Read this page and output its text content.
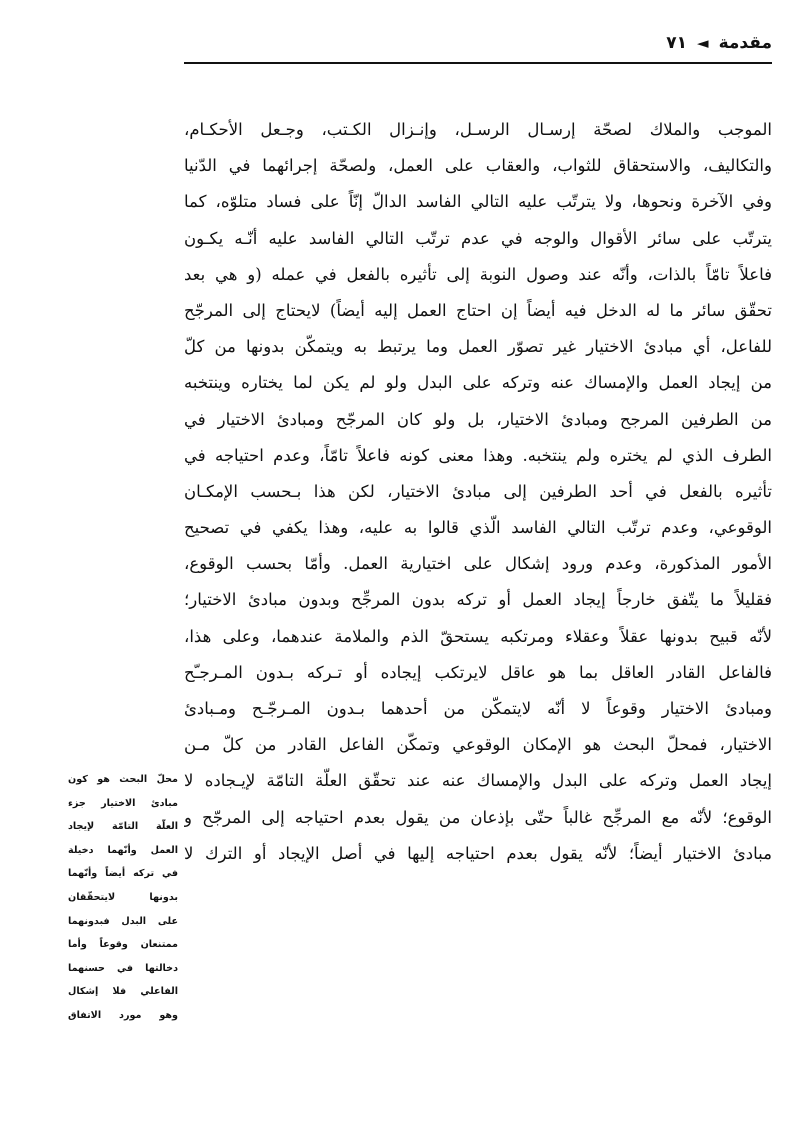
مقدمة
◄
٧١
الموجب والملاك لصحّة إرسـال الرسـل، وإنـزال الكـتب، وجـعل الأحكـام،
والتكاليف، والاستحقاق للثواب، والعقاب على العمل، ولصحّة إجرائهما في الدّنيا
وفي الآخرة ونحوها، ولا يترتّب عليه التالي الفاسد الدالّ إنّاً على فساد متلوّه، كما
يترتّب على سائر الأقوال والوجه في عدم ترتّب التالي الفاسد عليه أنّـه يكـون
فاعلاً تامّاً بالذات، وأنّه عند وصول النوبة إلى تأثيره بالفعل في عمله (و هي بعد
تحقّق سائر ما له الدخل فيه أيضاً إن احتاج العمل إليه أيضاً) لايحتاج إلى المرجّح
للفاعل، أي مبادئ الاختيار غير تصوّر العمل وما يرتبط به ويتمكّن بدونها من كلّ
من إيجاد العمل والإمساك عنه وتركه على البدل ولو لم يكن لما يختاره وينتخبه
من الطرفين المرجح ومبادئ الاختيار، بل ولو كان المرجّح ومبادئ الاختيار في
الطرف الذي لم يختره ولم ينتخبه. وهذا معنى كونه فاعلاً تامّاً، وعدم احتياجه في
تأثيره بالفعل في أحد الطرفين إلى مبادئ الاختيار، لكن هذا بـحسب الإمكـان
الوقوعي، وعدم ترتّب التالي الفاسد الّذي قالوا به عليه، وهذا يكفي في تصحيح
الأمور المذكورة، وعدم ورود إشكال على اختيارية العمل. وأمّا بحسب الوقوع،
فقليلاً ما يتّفق خارجاً إيجاد العمل أو تركه بدون المرجِّح وبدون مبادئ الاختيار؛
لأنّه قبيح بدونها عقلاً وعقلاء ومرتكبه يستحقّ الذم والملامة عندهما، وعلى هذا،
فالفاعل القادر العاقل بما هو عاقل لايرتكب إيجاده أو تـركه بـدون المـرجـّح
ومبادئ الاختيار وقوعاً لا أنّه لايتمكّن من أحدهما بـدون المـرجّـح ومـبادئ
الاختيار، فمحلّ البحث هو الإمكان الوقوعي وتمكّن الفاعل القادر من كلّ مـن
إيجاد العمل وتركه على البدل والإمساك عنه عند تحقّق العلّة التامّة لإيـجاده لا
الوقوع؛ لأنّه مع المرجِّح غالباً حتّى بإذعان من يقول بعدم احتياجه إلى المرجّح و
مبادئ الاختيار أيضاً؛ لأنّه يقول بعدم احتياجه إليها في أصل الإيجاد أو الترك لا
محلّ البحث هو كون
مبادئ الاختيار جزء
العلّة التامّة لإيجاد
العمل وأنّهما دخيلة
في تركه أيضاً وأنّهما
بدونها لايتحقّقان
على البدل فبدونهما
ممتنعان وقوعاً وأما
دخالتها في حسنهما
الفاعلي فلا إشكال
وهو مورد الاتفاق
